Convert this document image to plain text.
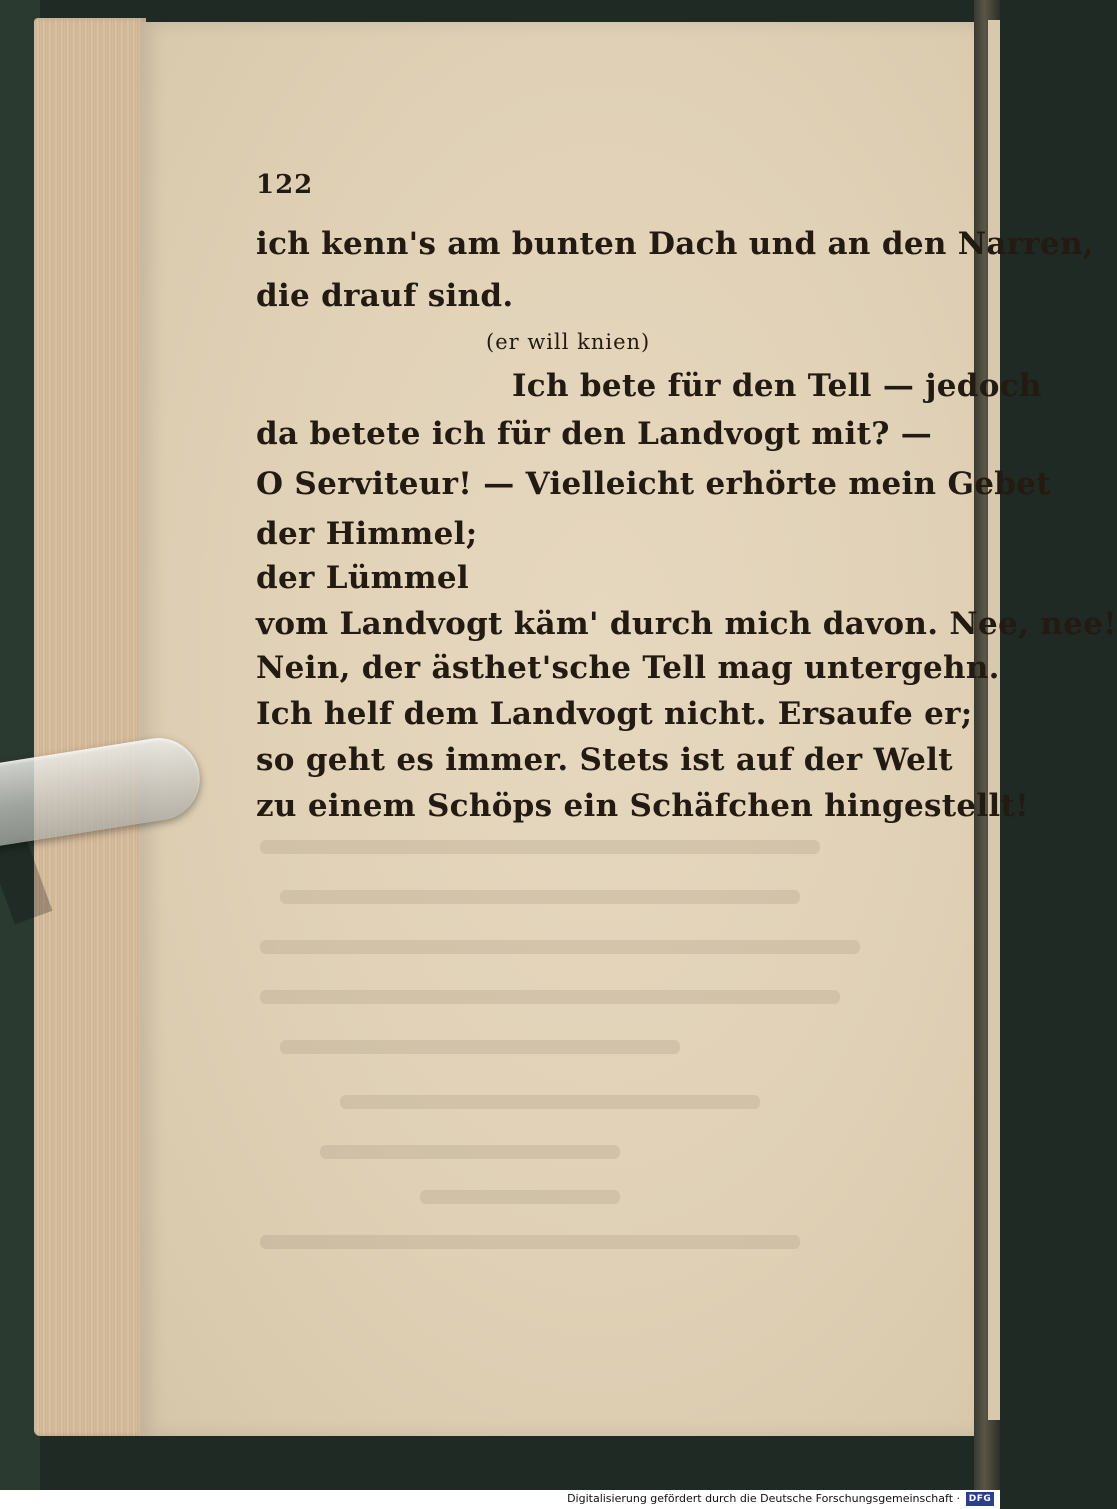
122
ich kenn's am bunten Dach und an den Narren,
die drauf sind.
(er will knien)
Ich bete für den Tell — jedoch
da betete ich für den Landvogt mit? —
O Serviteur! — Vielleicht erhörte mein Gebet
der Himmel;
der Lümmel
vom Landvogt käm' durch mich davon. Nee, nee!
Nein, der ästhet'sche Tell mag untergehn.
Ich helf dem Landvogt nicht. Ersaufe er;
so geht es immer. Stets ist auf der Welt
zu einem Schöps ein Schäfchen hingestellt!
Digitalisierung gefördert durch die Deutsche Forschungsgemeinschaft · DFG
